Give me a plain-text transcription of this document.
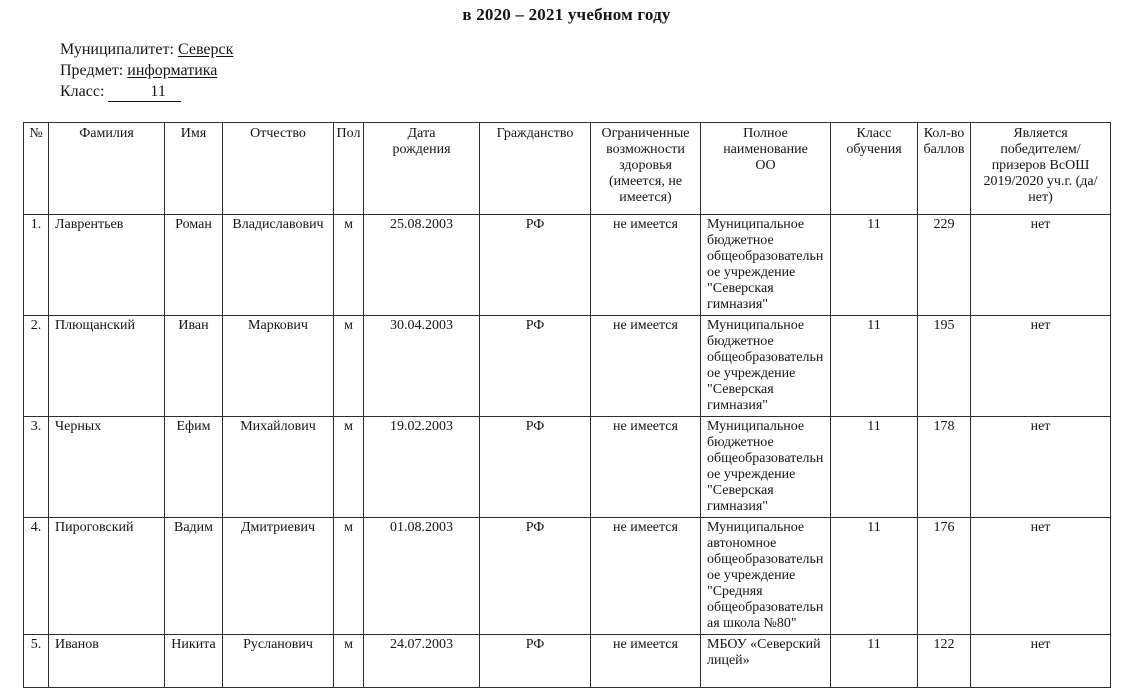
в 2020 – 2021 учебном году
Муниципалитет: Северск
Предмет: информатика
Класс:	11
№	Фамилия	Имя	Отчество	Пол	Дата рождения	Гражданство	Ограниченные возможности здоровья (имеется, не имеется)	Полное наименование ОО	Класс обучения	Кол-во баллов	Является победителем/призеров ВсОШ 2019/2020 уч.г. (да/нет)
1.	Лаврентьев	Роман	Владиславович	м	25.08.2003	РФ	не имеется	Муниципальное бюджетное общеобразовательное учреждение "Северская гимназия"	11	229	нет
2.	Плющанский	Иван	Маркович	м	30.04.2003	РФ	не имеется	Муниципальное бюджетное общеобразовательное учреждение "Северская гимназия"	11	195	нет
3.	Черных	Ефим	Михайлович	м	19.02.2003	РФ	не имеется	Муниципальное бюджетное общеобразовательное учреждение "Северская гимназия"	11	178	нет
4.	Пироговский	Вадим	Дмитриевич	м	01.08.2003	РФ	не имеется	Муниципальное автономное общеобразовательное учреждение "Средняя общеобразовательная школа №80"	11	176	нет
5.	Иванов	Никита	Русланович	м	24.07.2003	РФ	не имеется	МБОУ «Северский лицей»	11	122	нет
